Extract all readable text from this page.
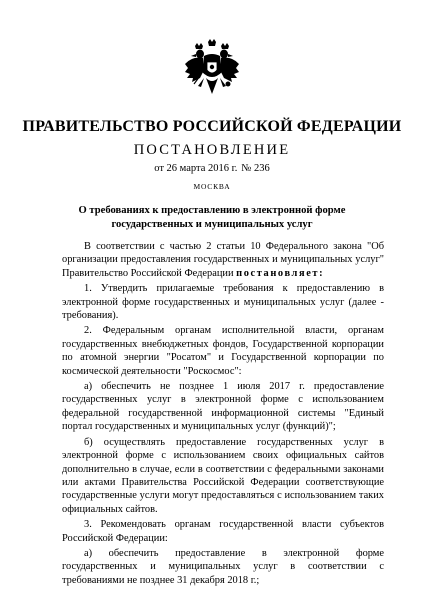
ПРАВИТЕЛЬСТВО РОССИЙСКОЙ ФЕДЕРАЦИИ
ПОСТАНОВЛЕНИЕ
от 26 марта 2016 г. № 236
МОСКВА
О требованиях к предоставлению в электронной форме государственных и муниципальных услуг

В соответствии с частью 2 статьи 10 Федерального закона "Об организации предоставления государственных и муниципальных услуг" Правительство Российской Федерации постановляет:

1. Утвердить прилагаемые требования к предоставлению в электронной форме государственных и муниципальных услуг (далее - требования).

2. Федеральным органам исполнительной власти, органам государственных внебюджетных фондов, Государственной корпорации по атомной энергии "Росатом" и Государственной корпорации по космической деятельности "Роскосмос":

а) обеспечить не позднее 1 июля 2017 г. предоставление государственных услуг в электронной форме с использованием федеральной государственной информационной системы "Единый портал государственных и муниципальных услуг (функций)";

б) осуществлять предоставление государственных услуг в электронной форме с использованием своих официальных сайтов дополнительно в случае, если в соответствии с федеральными законами или актами Правительства Российской Федерации соответствующие государственные услуги могут предоставляться с использованием таких официальных сайтов.

3. Рекомендовать органам государственной власти субъектов Российской Федерации:

а) обеспечить предоставление в электронной форме государственных и муниципальных услуг в соответствии с требованиями не позднее 31 декабря 2018 г.;
